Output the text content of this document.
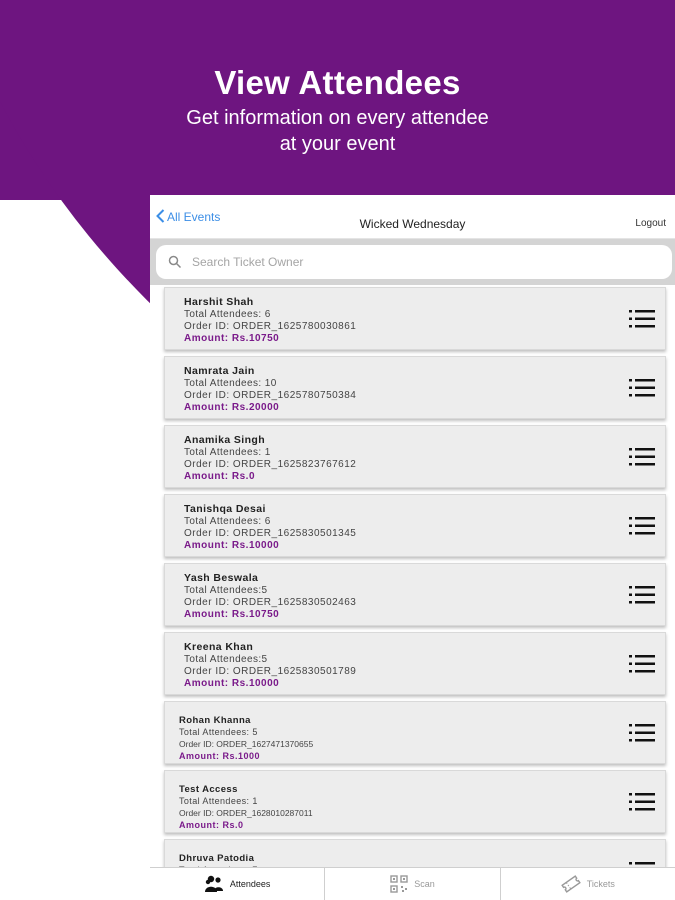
View Attendees
Get information on every attendee
at your event
All Events	Wicked Wednesday	Logout
Search Ticket Owner
Harshit Shah
Total Attendees: 6
Order ID: ORDER_1625780030861
Amount: Rs.10750
Namrata Jain
Total Attendees: 10
Order ID: ORDER_1625780750384
Amount: Rs.20000
Anamika Singh
Total Attendees: 1
Order ID: ORDER_1625823767612
Amount: Rs.0
Tanishqa Desai
Total Attendees: 6
Order ID: ORDER_1625830501345
Amount: Rs.10000
Yash Beswala
Total Attendees:5
Order ID: ORDER_1625830502463
Amount: Rs.10750
Kreena Khan
Total Attendees:5
Order ID: ORDER_1625830501789
Amount: Rs.10000
Rohan Khanna
Total Attendees: 5
Order ID: ORDER_1627471370655
Amount: Rs.1000
Test Access
Total Attendees: 1
Order ID: ORDER_1628010287011
Amount: Rs.0
Dhruva Patodia
Attendees	Scan	Tickets
